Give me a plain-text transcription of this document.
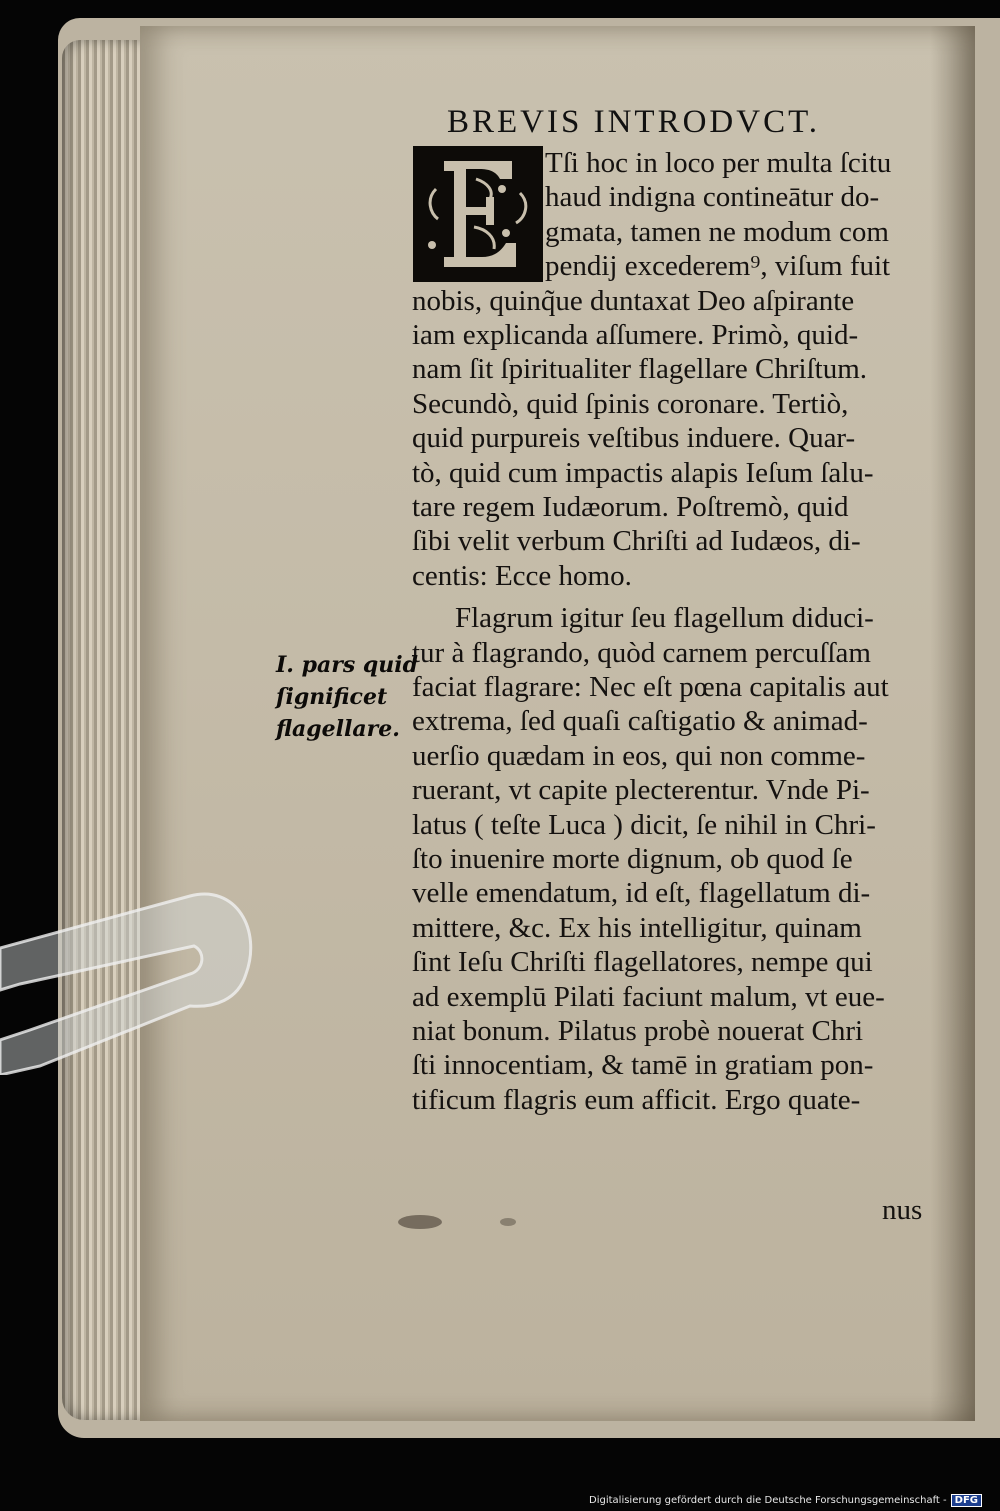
BREVIS INTRODVCT.

Tſi hoc in loco per multa ſcitu

haud indigna contineātur do-

gmata, tamen ne modum com

pendij excederem⁹, viſum fuit

nobis, quinq̃ue duntaxat Deo aſpirante

iam explicanda aſſumere. Primò, quid-

nam ſit ſpiritualiter flagellare Chriſtum.

Secundò, quid ſpinis coronare. Tertiò,

quid purpureis veſtibus induere. Quar-

tò, quid cum impactis alapis Ieſum ſalu-

tare regem Iudæorum. Poſtremò, quid

ſibi velit verbum Chriſti ad Iudæos, di-

centis: Ecce homo.

Flagrum igitur ſeu flagellum diduci-

tur à flagrando, quòd carnem percuſſam

faciat flagrare: Nec eſt pœna capitalis aut

extrema, ſed quaſi caſtigatio & animad-

uerſio quædam in eos, qui non comme-

ruerant, vt capite plecterentur. Vnde Pi-

latus ( teſte Luca ) dicit, ſe nihil in Chri-

ſto inuenire morte dignum, ob quod ſe

velle emendatum, id eſt, flagellatum di-

mittere, &c. Ex his intelligitur, quinam

ſint Ieſu Chriſti flagellatores, nempe qui

ad exemplū Pilati faciunt malum, vt eue-

niat bonum. Pilatus probè nouerat Chri

ſti innocentiam, & tamē in gratiam pon-

tificum flagris eum afficit. Ergo quate-

I. pars quid

ſignificet

flagellare.

nus

Digitalisierung gefördert durch die Deutsche Forschungsgemeinschaft - DFG
